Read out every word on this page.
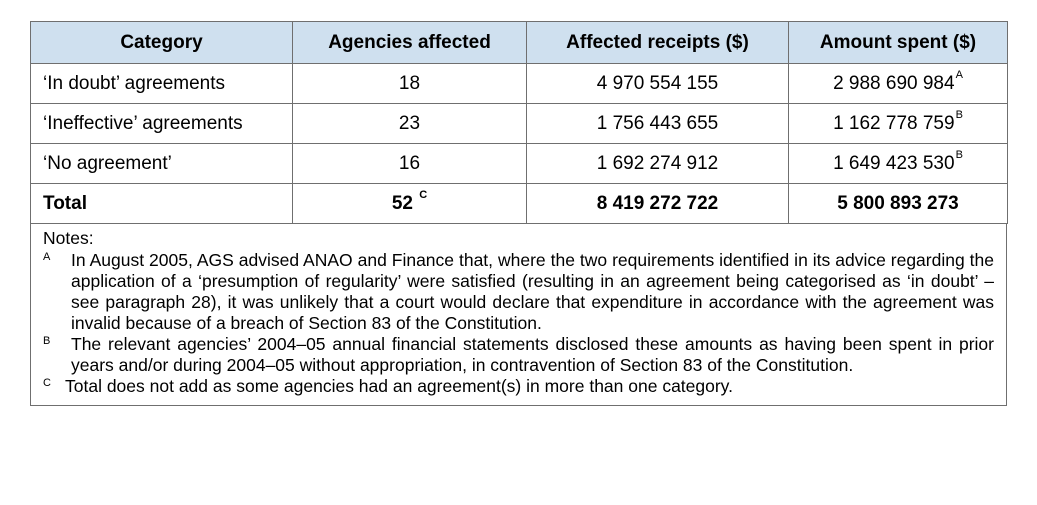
Category	Agencies affected	Affected receipts ($)	Amount spent ($)
‘In doubt’ agreements	18	4 970 554 155	2 988 690 $984^A$
‘Ineffective’ agreements	23	1 756 443 655	1 162 778 $759^B$
‘No agreement’	16	1 692 274 912	1 649 423 $530^B$
Total	52 $^C$	8 419 272 722	5 800 893 273
Notes:
A	In August 2005, AGS advised ANAO and Finance that, where the two requirements identified in its advice regarding the application of a ‘presumption of regularity’ were satisfied (resulting in an agreement being categorised as ‘in doubt’ – see paragraph 28), it was unlikely that a court would declare that expenditure in accordance with the agreement was invalid because of a breach of Section 83 of the Constitution.
B	The relevant agencies’ 2004–05 annual financial statements disclosed these amounts as having been spent in prior years and/or during 2004–05 without appropriation, in contravention of Section 83 of the Constitution.
C Total does not add as some agencies had an agreement(s) in more than one category.
